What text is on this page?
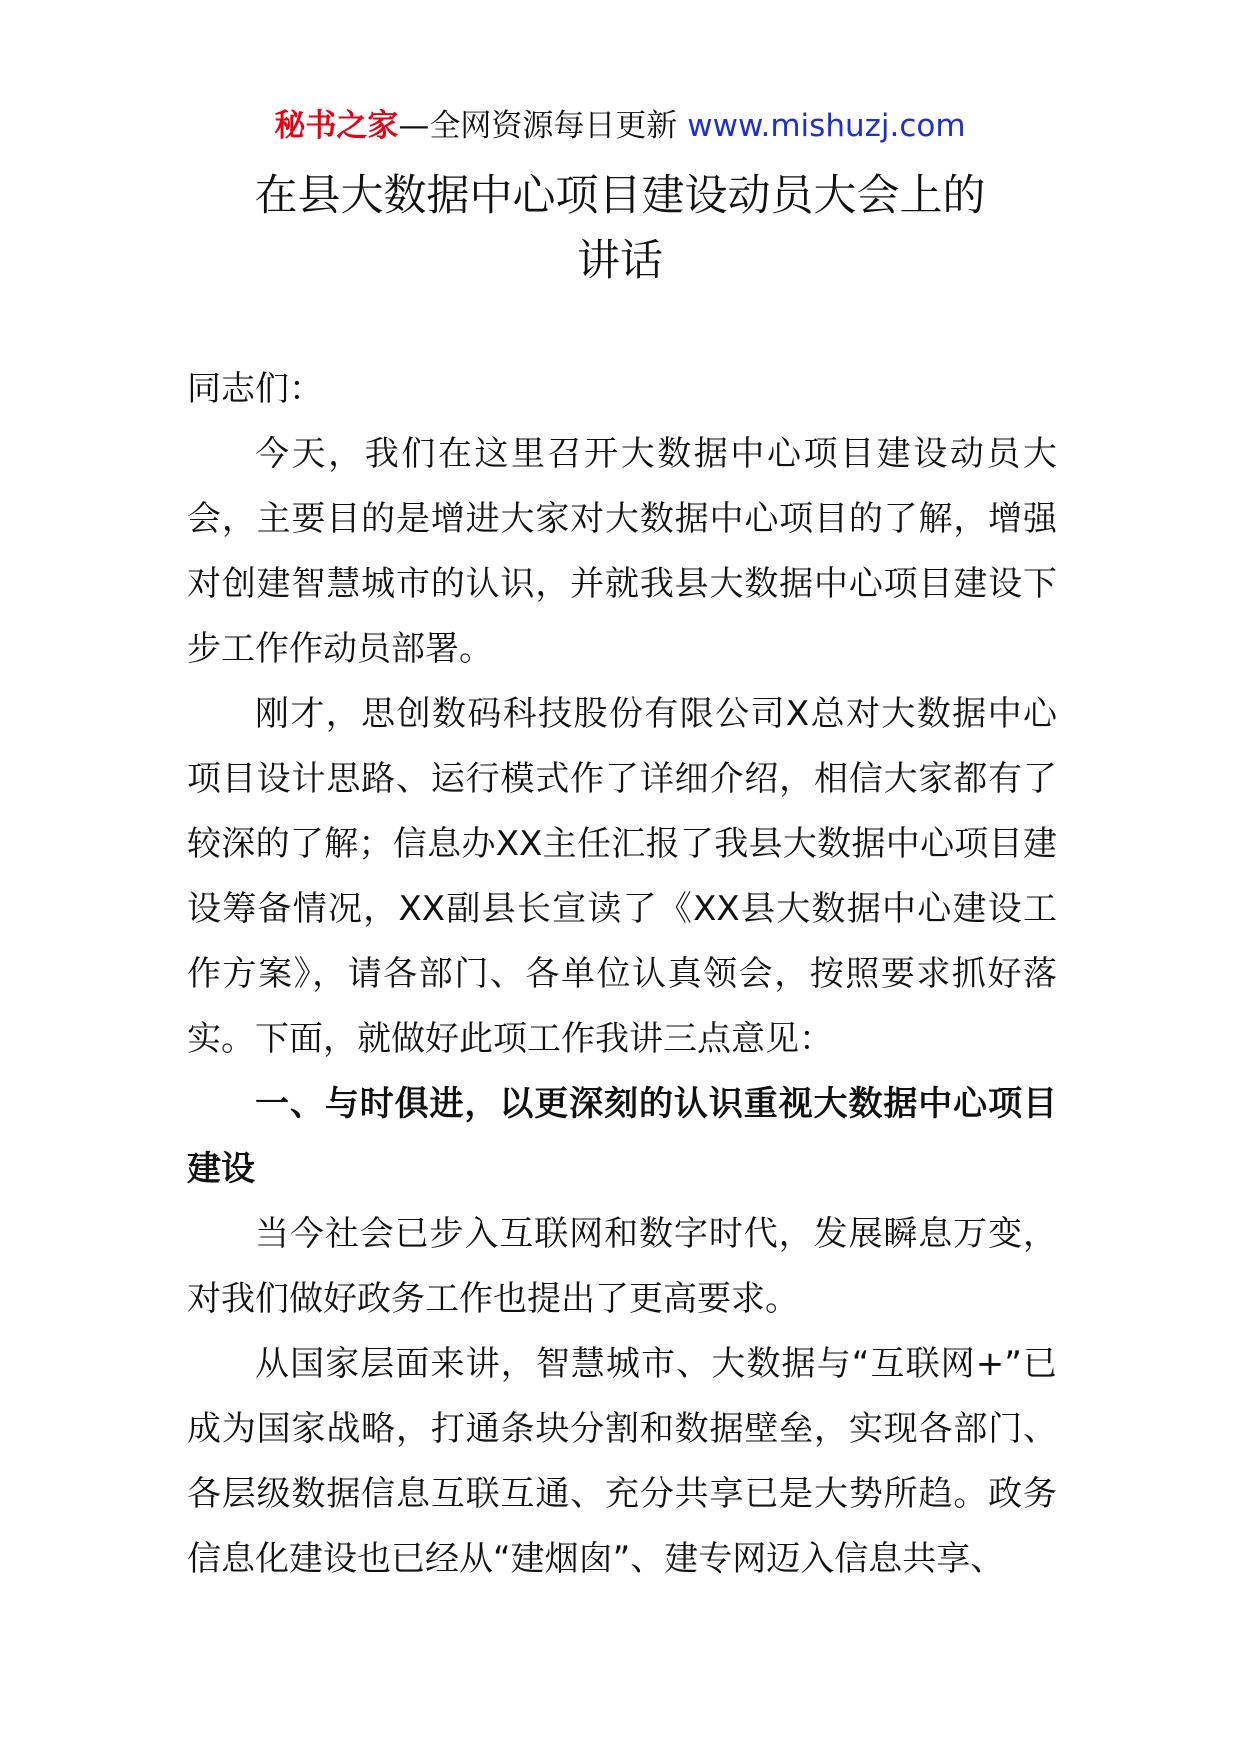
秘书之家—全网资源每日更新 www.mishuzj.com
在县大数据中心项目建设动员大会上的
讲话

同志们：

今天，我们在这里召开大数据中心项目建设动员大会，主要目的是增进大家对大数据中心项目的了解，增强对创建智慧城市的认识，并就我县大数据中心项目建设下步工作作动员部署。

刚才，思创数码科技股份有限公司X总对大数据中心项目设计思路、运行模式作了详细介绍，相信大家都有了较深的了解；信息办XX主任汇报了我县大数据中心项目建设筹备情况，XX副县长宣读了《XX县大数据中心建设工作方案》，请各部门、各单位认真领会，按照要求抓好落实。下面，就做好此项工作我讲三点意见：

一、与时俱进，以更深刻的认识重视大数据中心项目建设

当今社会已步入互联网和数字时代，发展瞬息万变，对我们做好政务工作也提出了更高要求。

从国家层面来讲，智慧城市、大数据与“互联网+”已成为国家战略，打通条块分割和数据壁垒，实现各部门、各层级数据信息互联互通、充分共享已是大势所趋。政务信息化建设也已经从“建烟囱”、建专网迈入信息共享、
